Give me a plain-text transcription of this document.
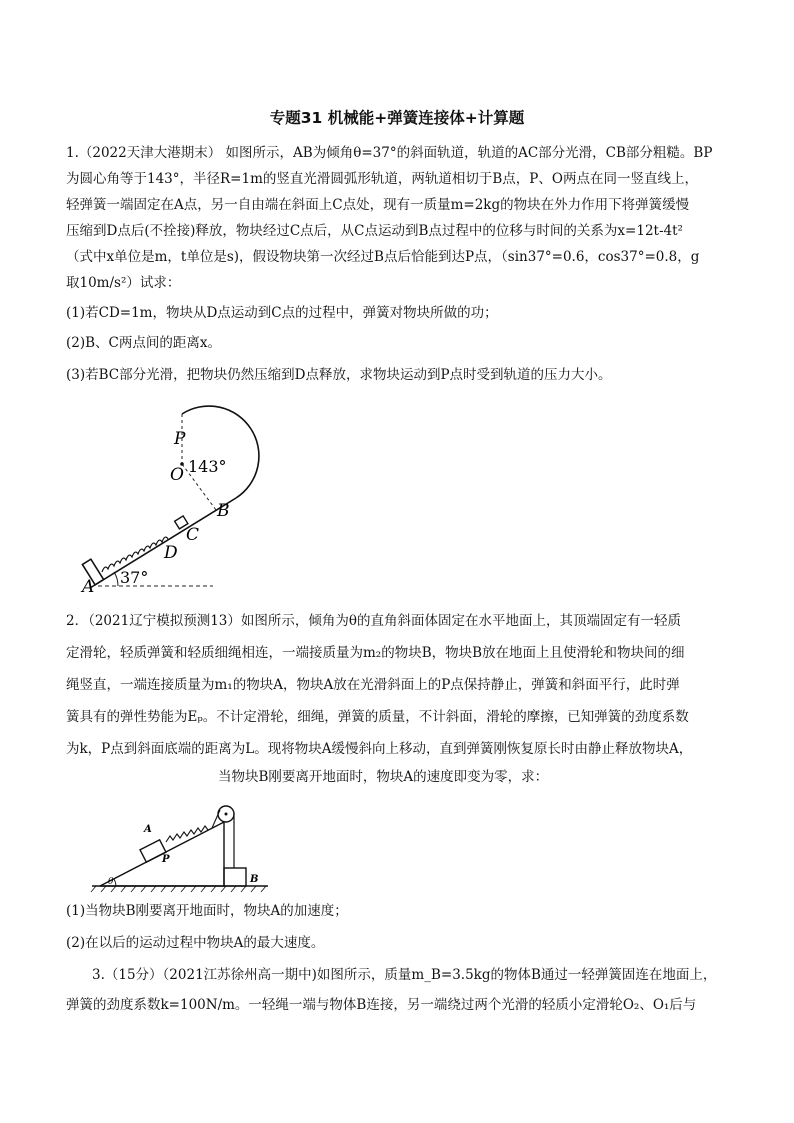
专题31 机械能+弹簧连接体+计算题
1.（2022天津大港期末） 如图所示，AB为倾角θ=37°的斜面轨道，轨道的AC部分光滑，CB部分粗糙。BP
为圆心角等于143°，半径R=1m的竖直光滑圆弧形轨道，两轨道相切于B点，P、O两点在同一竖直线上，
轻弹簧一端固定在A点，另一自由端在斜面上C点处，现有一质量m=2kg的物块在外力作用下将弹簧缓慢
压缩到D点后(不拴接)释放，物块经过C点后，从C点运动到B点过程中的位移与时间的关系为x=12t-4t²
（式中x单位是m，t单位是s)，假设物块第一次经过B点后恰能到达P点，（sin37°=0.6，cos37°=0.8，g
取10m/s²）试求：
(1)若CD=1m，物块从D点运动到C点的过程中，弹簧对物块所做的功；
(2)B、C两点间的距离x。
(3)若BC部分光滑，把物块仍然压缩到D点释放，求物块运动到P点时受到轨道的压力大小。
P
O 143°
B
C
D
A 37°
2．（2021辽宁模拟预测13）如图所示，倾角为θ的直角斜面体固定在水平地面上，其顶端固定有一轻质
定滑轮，轻质弹簧和轻质细绳相连，一端接质量为m₂的物块B，物块B放在地面上且使滑轮和物块间的细
绳竖直，一端连接质量为m₁的物块A，物块A放在光滑斜面上的P点保持静止，弹簧和斜面平行，此时弹
簧具有的弹性势能为Eₚ。不计定滑轮，细绳，弹簧的质量，不计斜面，滑轮的摩擦，已知弹簧的劲度系数
为k，P点到斜面底端的距离为L。现将物块A缓慢斜向上移动，直到弹簧刚恢复原长时由静止释放物块A，
当物块B刚要离开地面时，物块A的速度即变为零，求：
A
P
B
θ
(1)当物块B刚要离开地面时，物块A的加速度；
(2)在以后的运动过程中物块A的最大速度。
3.（15分）（2021江苏徐州高一期中)如图所示，质量m_B=3.5kg的物体B通过一轻弹簧固连在地面上，
弹簧的劲度系数k=100N/m。一轻绳一端与物体B连接，另一端绕过两个光滑的轻质小定滑轮O₂、O₁后与
